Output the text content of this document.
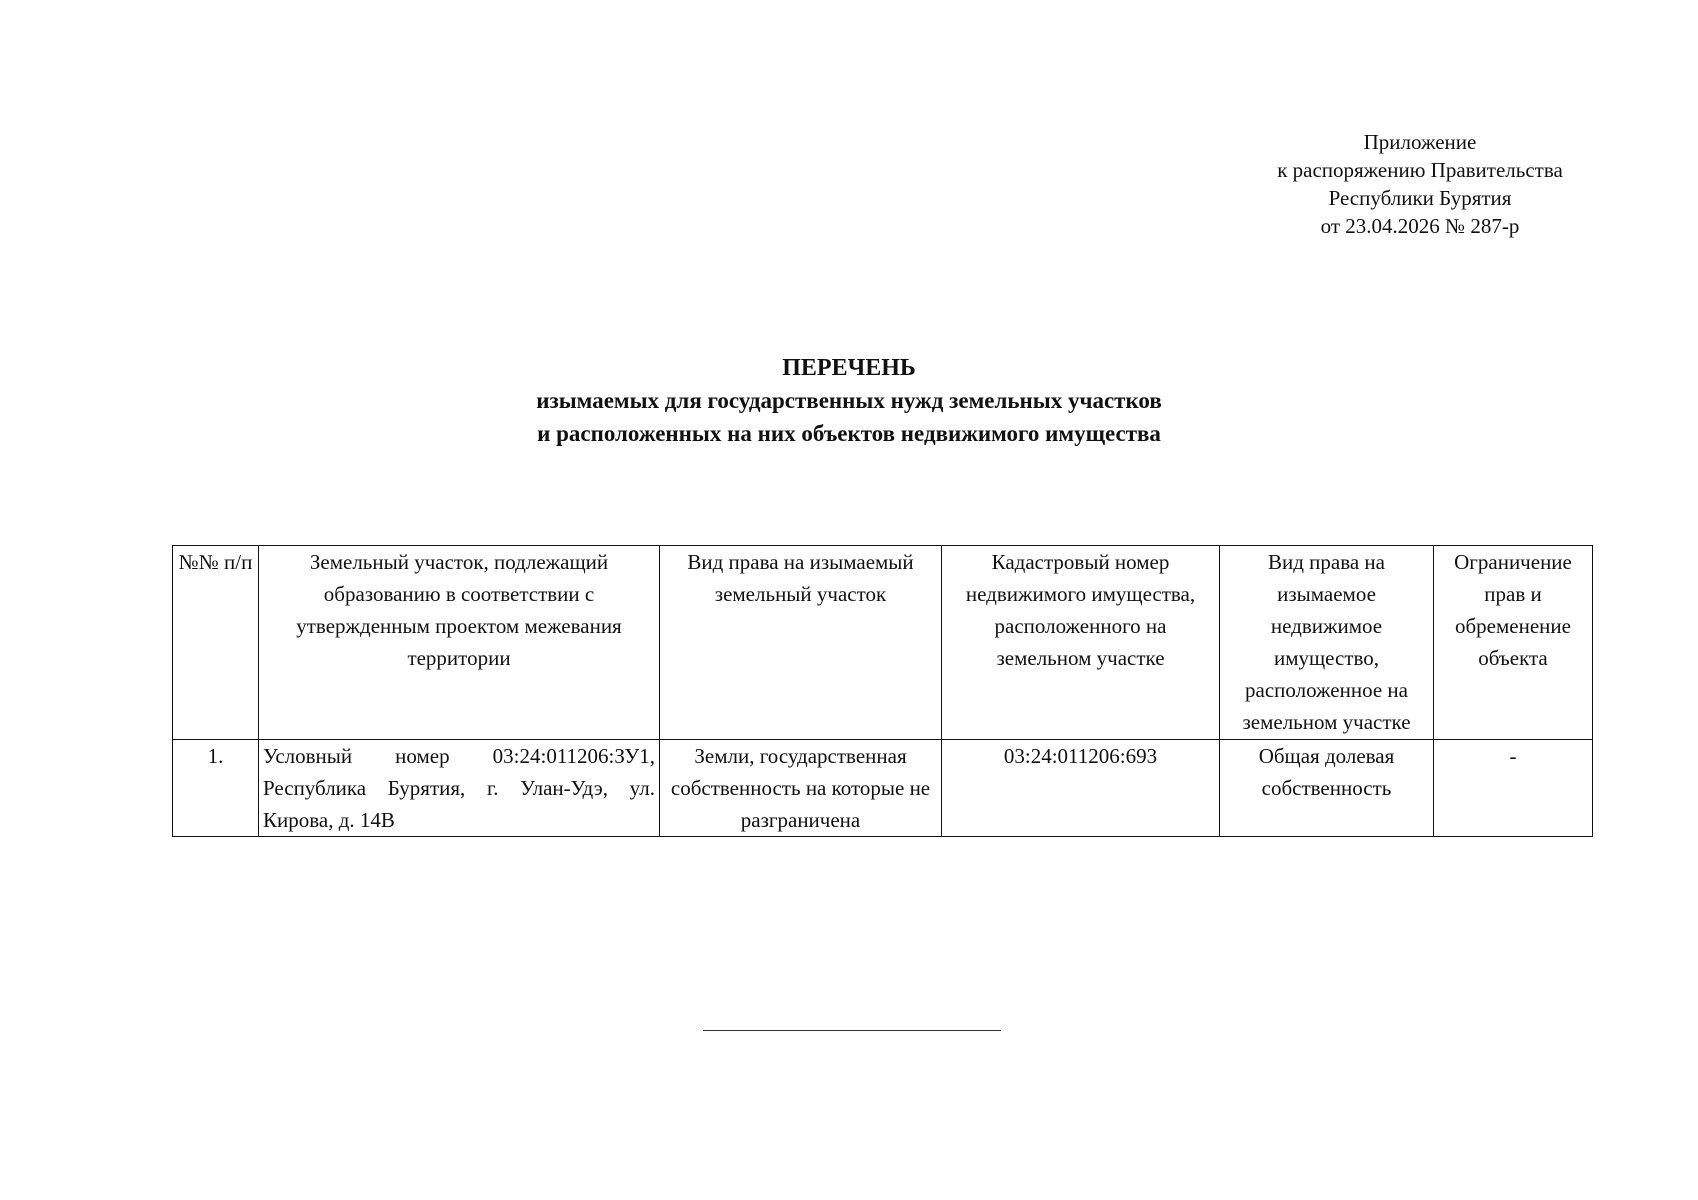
Приложение
к распоряжению Правительства
Республики Бурятия
от 23.04.2026 № 287-р
ПЕРЕЧЕНЬ
изымаемых для государственных нужд земельных участков
и расположенных на них объектов недвижимого имущества
№№ п/п	Земельный участок, подлежащий образованию в соответствии с утвержденным проектом межевания территории	Вид права на изымаемый земельный участок	Кадастровый номер недвижимого имущества, расположенного на земельном участке	Вид права на изымаемое недвижимое имущество, расположенное на земельном участке	Ограничение прав и обременение объекта
1.	Условный номер 03:24:011206:ЗУ1, Республика Бурятия, г. Улан-Удэ, ул. Кирова, д. 14В	Земли, государственная собственность на которые не разграничена	03:24:011206:693	Общая долевая собственность	-
